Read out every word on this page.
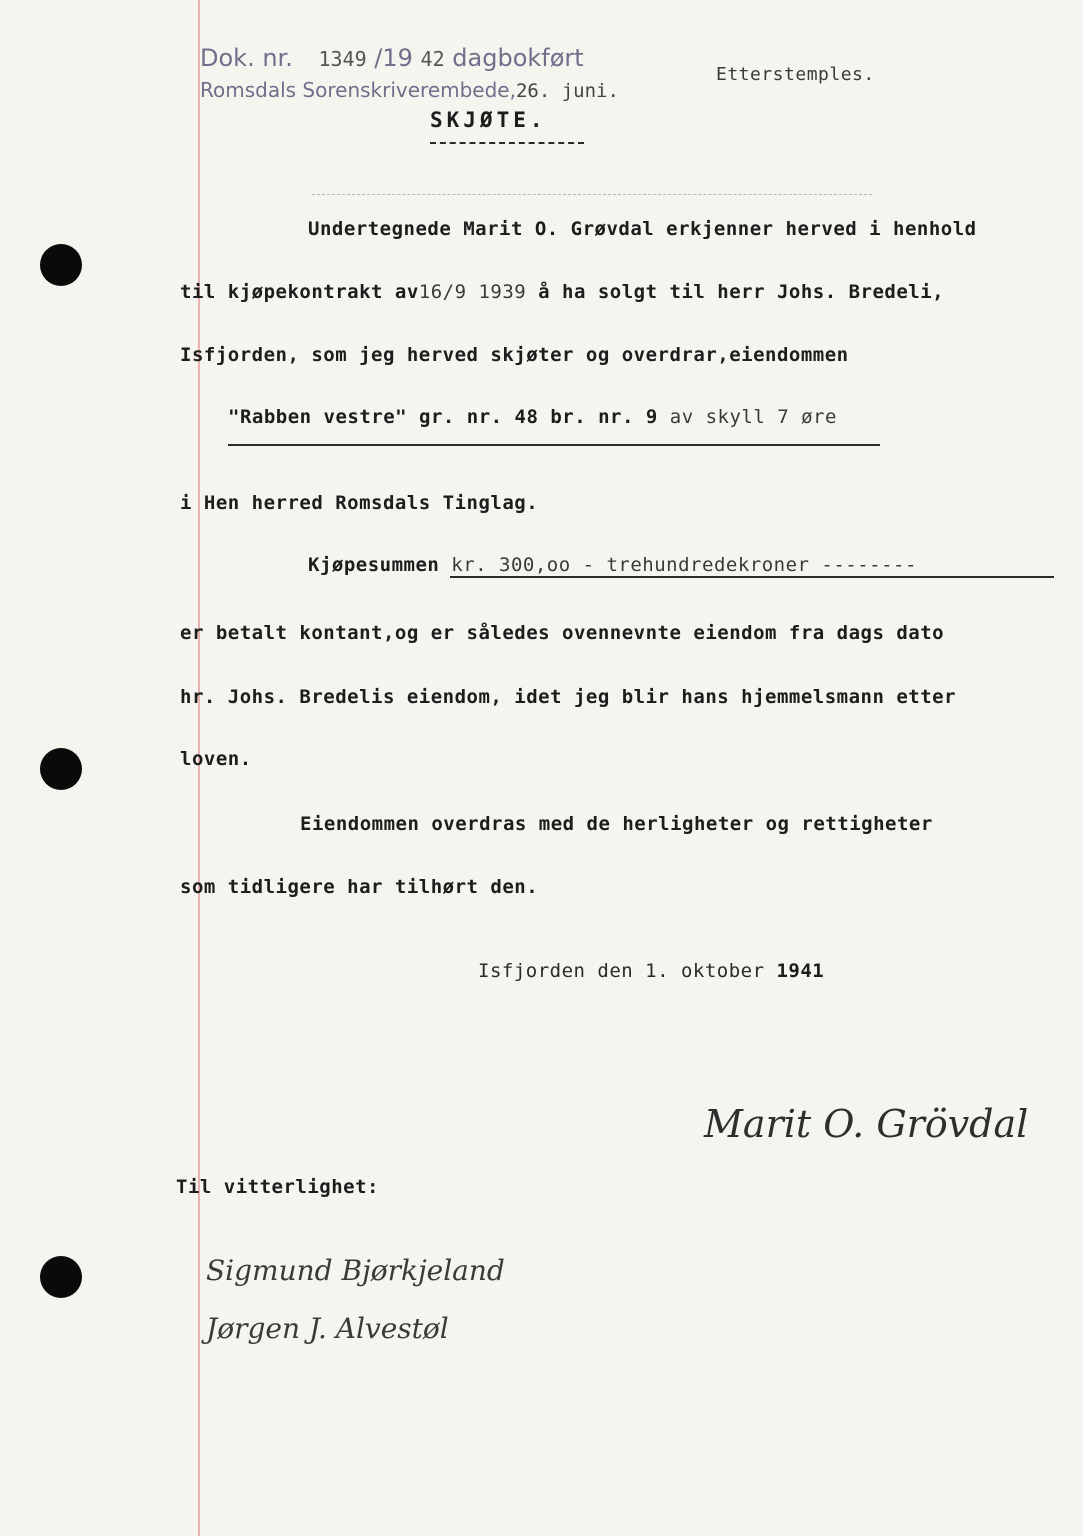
Dok. nr. 1349 /19 42 dagbokført
Romsdals Sorenskriverembede,26. juni.
Etterstemples.
SKJØTE.
Undertegnede Marit O. Grøvdal erkjenner herved i henhold
til kjøpekontrakt av16/9 1939 å ha solgt til herr Johs. Bredeli,
Isfjorden, som jeg herved skjøter og overdrar,eiendommen
"Rabben vestre" gr. nr. 48 br. nr. 9 av skyll 7 øre
i Hen herred Romsdals Tinglag.
Kjøpesummen kr. 300,oo - trehundredekroner --------
er betalt kontant,og er således ovennevnte eiendom fra dags dato
hr. Johs. Bredelis eiendom, idet jeg blir hans hjemmelsmann etter
loven.
Eiendommen overdras med de herligheter og rettigheter
som tidligere har tilhørt den.
Isfjorden den 1. oktober 1941
Marit O. Grövdal
Til vitterlighet:
Sigmund Bjørkjeland
Jørgen J. Alvestøl
